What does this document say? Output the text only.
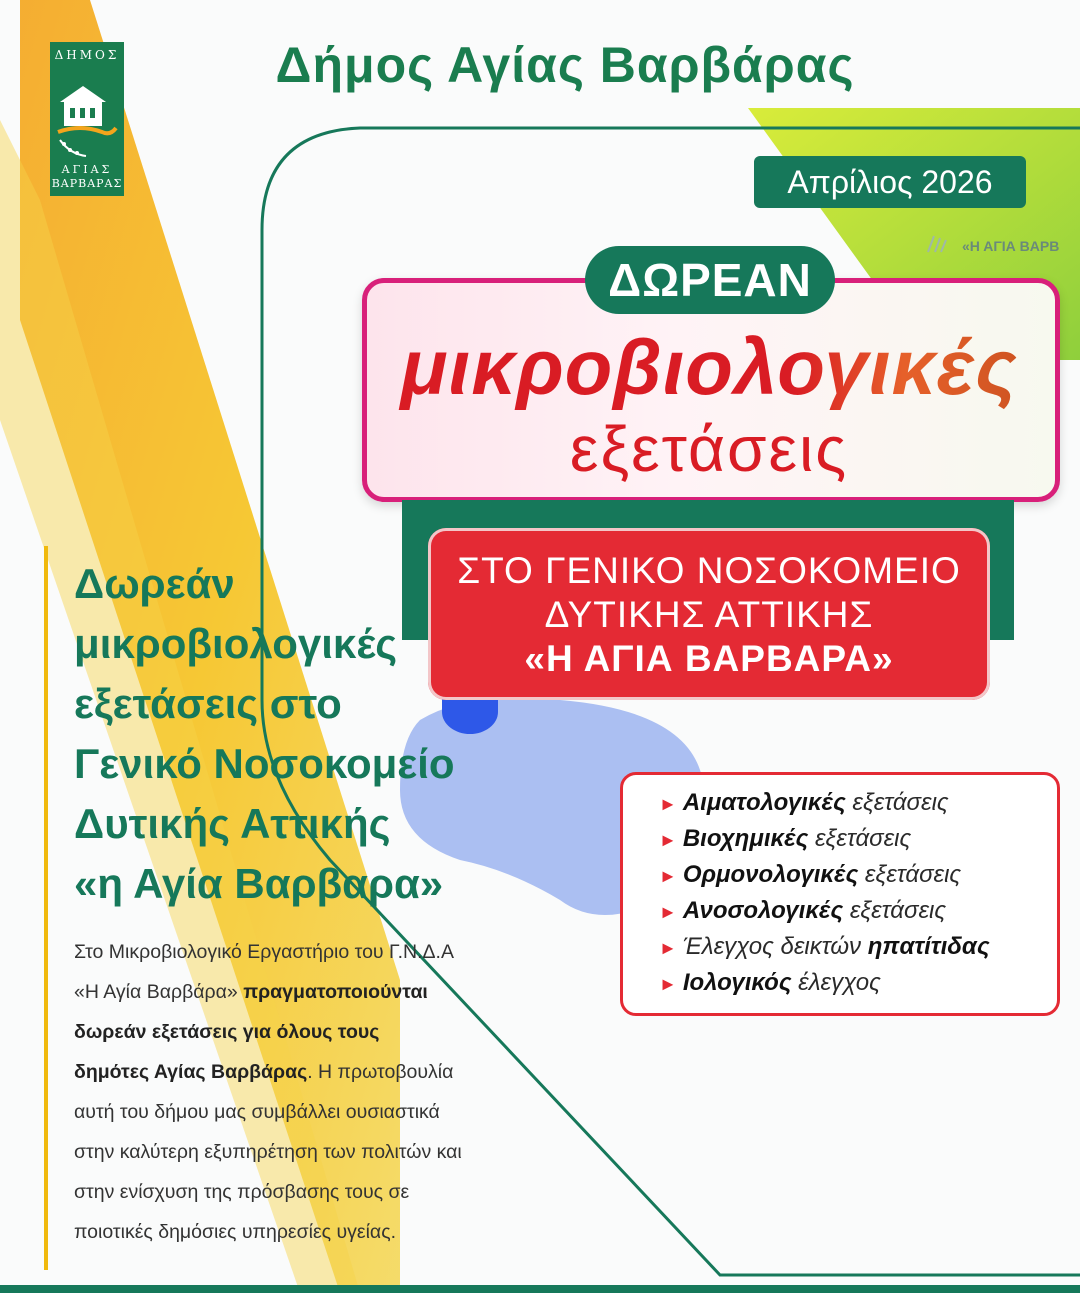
ΔΗΜΟΣ
ΑΓΙΑΣ
ΒΑΡΒΑΡΑΣ
Δήμος Αγίας Βαρβάρας
Απρίλιος 2026
«Η ΑΓΙΑ ΒΑΡΒ
ΔΩΡΕΑΝ
μικροβιολογικές
εξετάσεις
ΣΤΟ ΓΕΝΙΚΟ ΝΟΣΟΚΟΜΕΙΟ
ΔΥΤΙΚΗΣ ΑΤΤΙΚΗΣ
«Η ΑΓΙΑ ΒΑΡΒΑΡΑ»
► Αιματολογικές εξετάσεις
► Βιοχημικές εξετάσεις
► Ορμονολογικές εξετάσεις
► Ανοσολογικές εξετάσεις
► Έλεγχος δεικτών ηπατίτιδας
► Ιολογικός έλεγχος
Δωρεάν
μικροβιολογικές
εξετάσεις στο
Γενικό Νοσοκομείο
Δυτικής Αττικής
«η Αγία Βαρβαρα»
Στο Μικροβιολογικό Εργαστήριο του Γ.Ν.Δ.Α
«Η Αγία Βαρβάρα» πραγματοποιούνται
δωρεάν εξετάσεις για όλους τους
δημότες Αγίας Βαρβάρας. Η πρωτοβουλία
αυτή του δήμου μας συμβάλλει ουσιαστικά
στην καλύτερη εξυπηρέτηση των πολιτών και
στην ενίσχυση της πρόσβασης τους σε
ποιοτικές δημόσιες υπηρεσίες υγείας.
